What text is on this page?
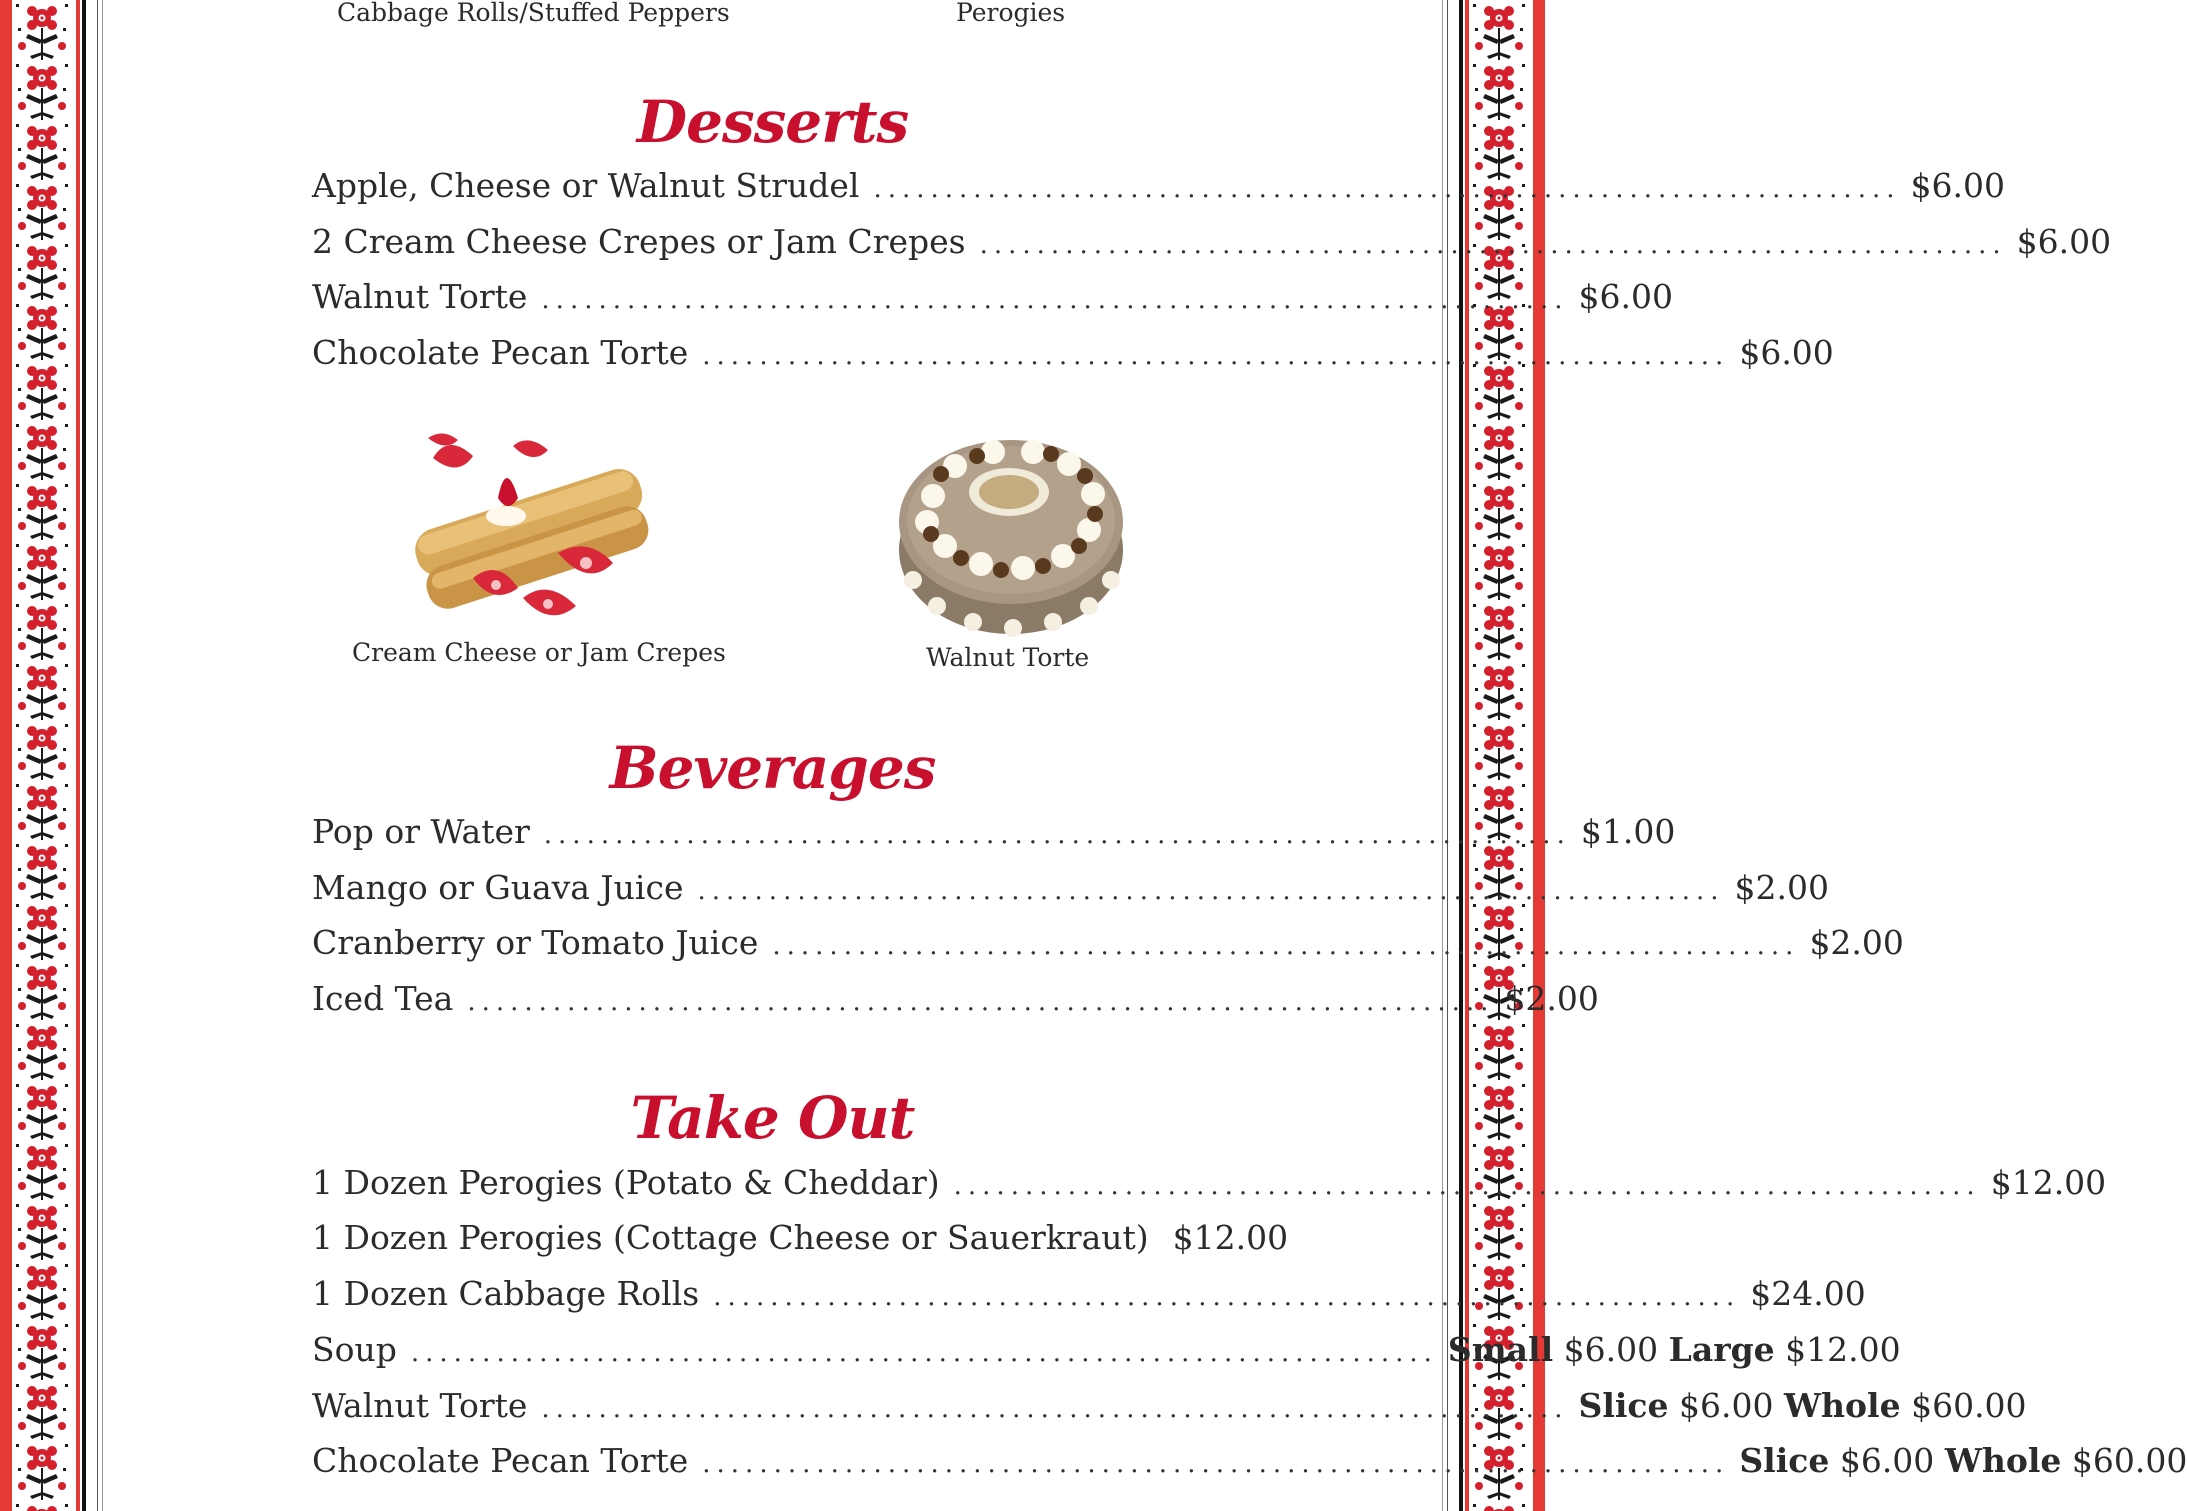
Cabbage Rolls/Stuffed Peppers	Perogies
Desserts
Apple, Cheese or Walnut Strudel ........................................................................ $6.00
2 Cream Cheese Crepes or Jam Crepes ........................................................................ $6.00
Walnut Torte ........................................................................ $6.00
Chocolate Pecan Torte ........................................................................ $6.00
Cream Cheese or Jam Crepes	Walnut Torte
Beverages
Pop or Water ........................................................................ $1.00
Mango or Guava Juice ........................................................................ $2.00
Cranberry or Tomato Juice ........................................................................ $2.00
Iced Tea ........................................................................ $2.00
Take Out
1 Dozen Perogies (Potato & Cheddar) ........................................................................ $12.00
1 Dozen Perogies (Cottage Cheese or Sauerkraut) $12.00
1 Dozen Cabbage Rolls ........................................................................ $24.00
Soup ........................................................................ Small $6.00 Large $12.00
Walnut Torte ........................................................................ Slice $6.00 Whole $60.00
Chocolate Pecan Torte ........................................................................ Slice $6.00 Whole $60.00
